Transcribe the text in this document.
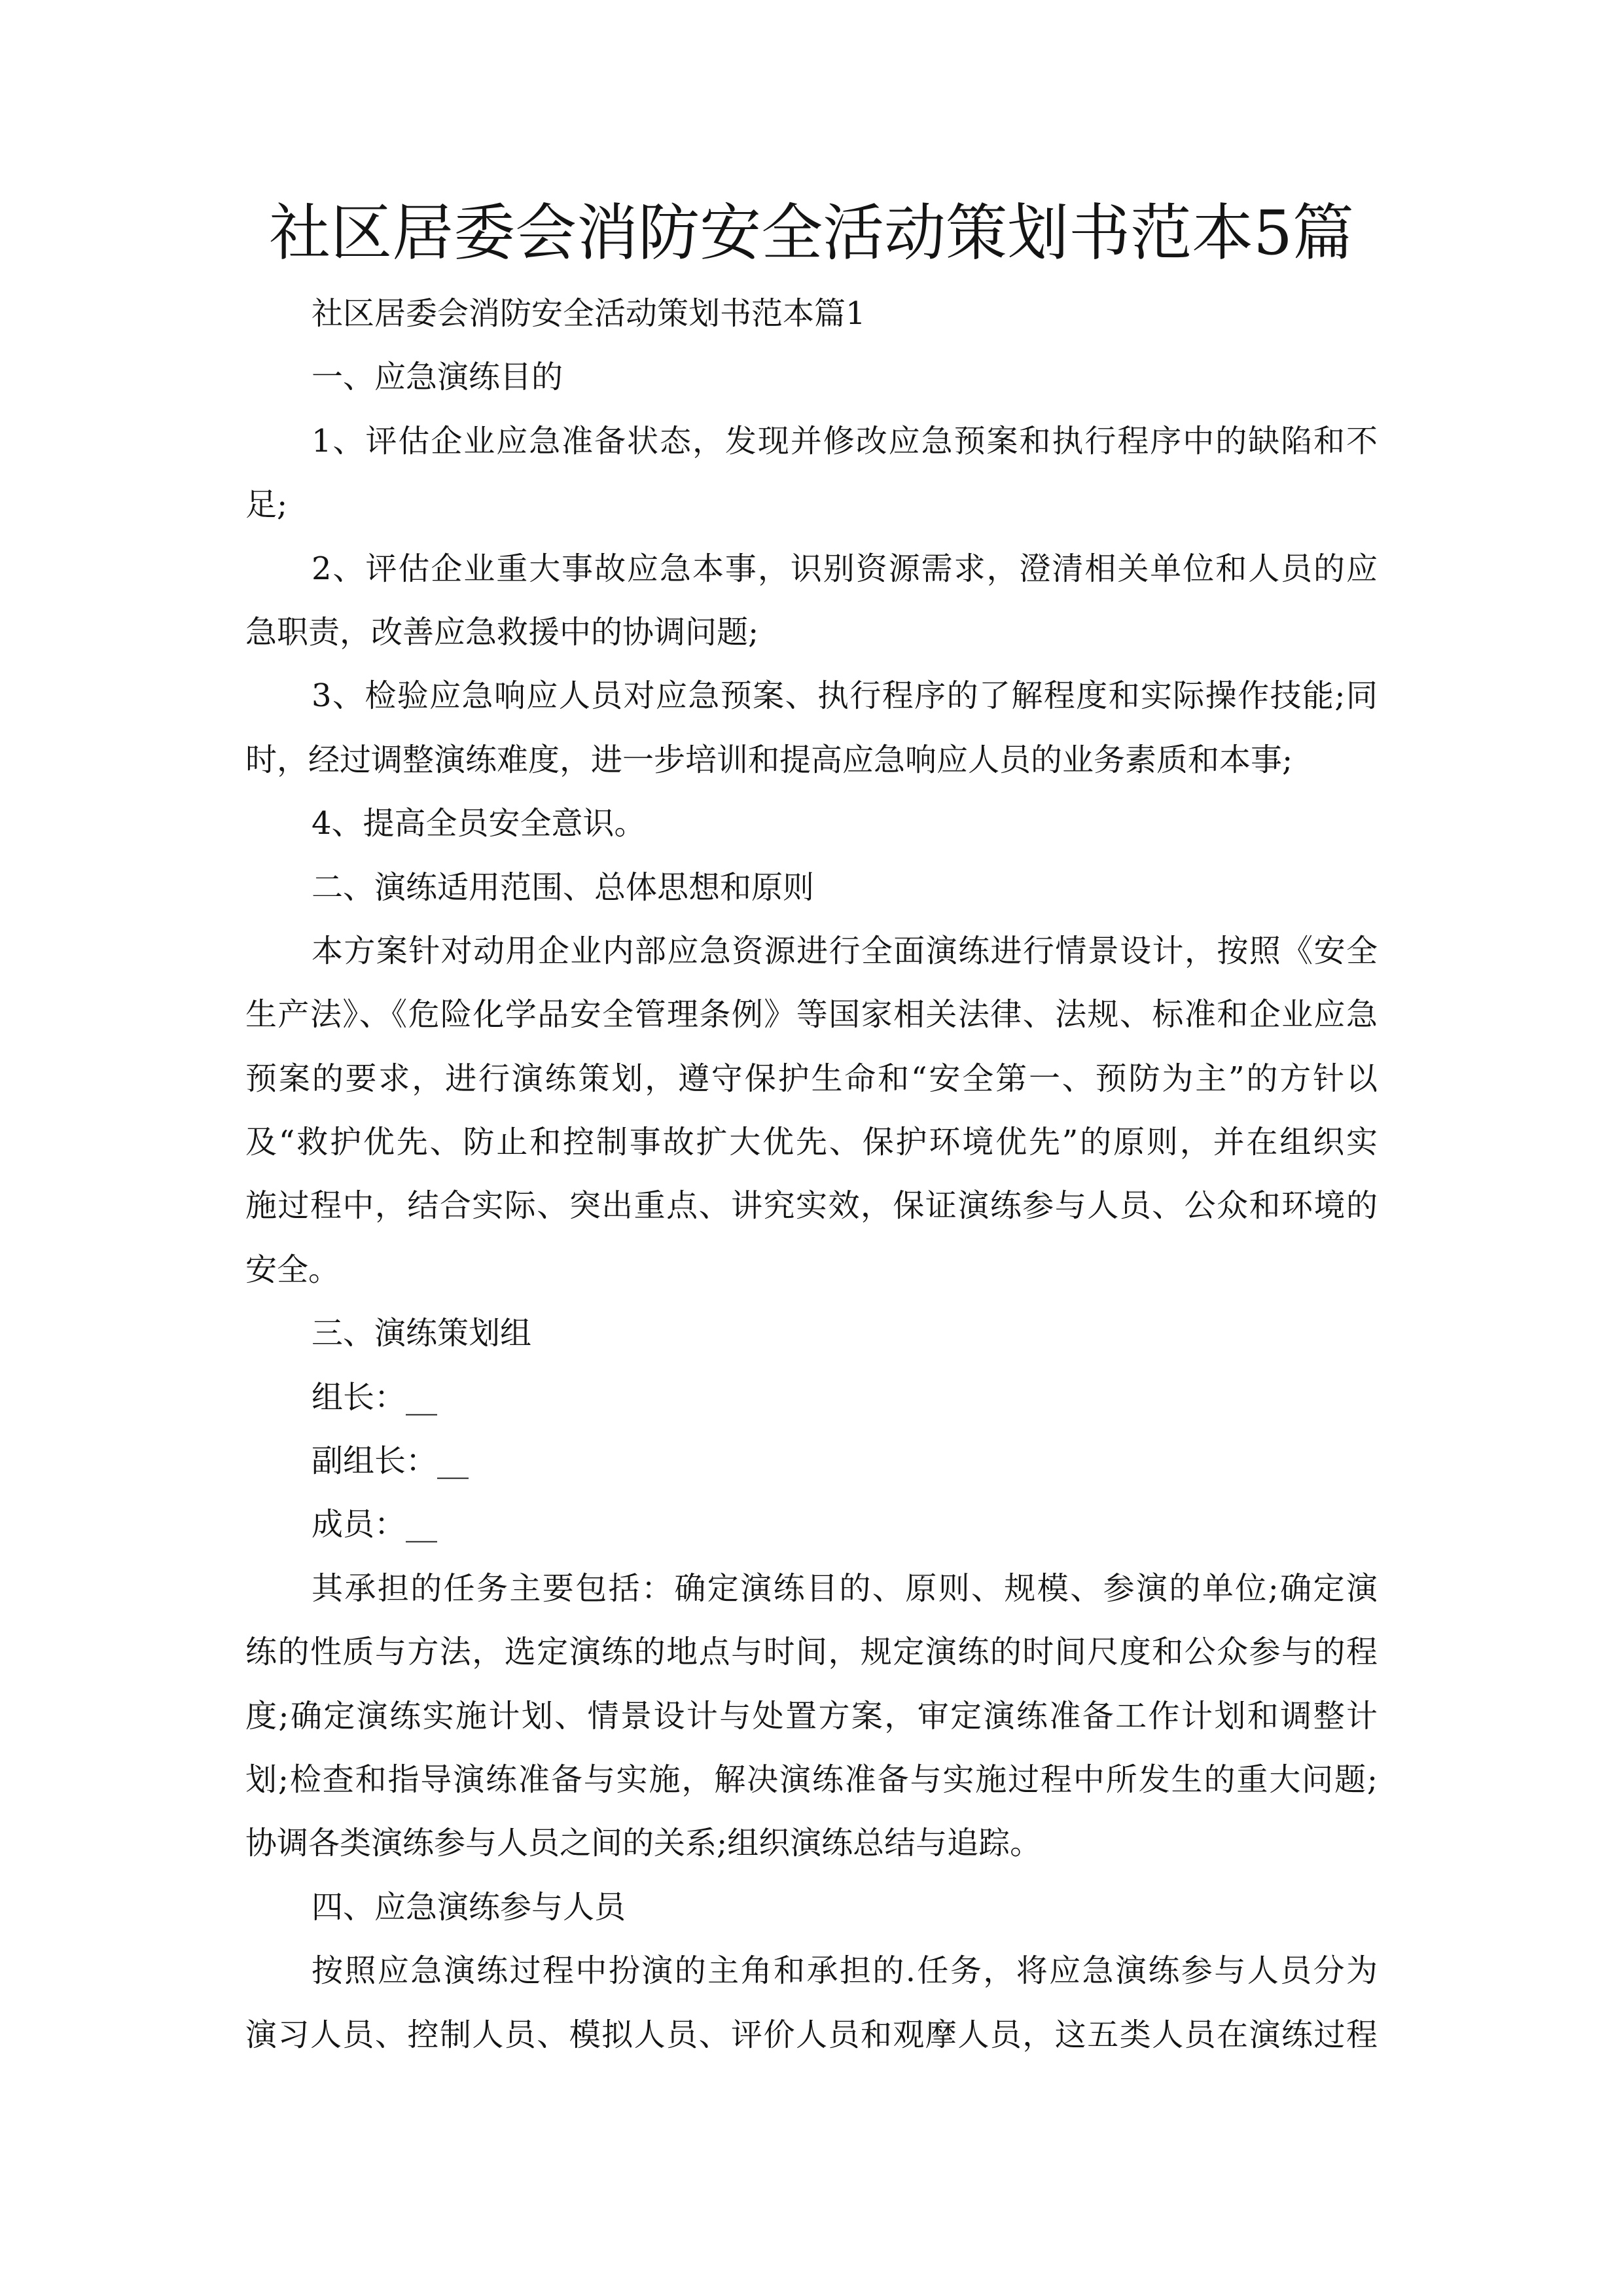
社区居委会消防安全活动策划书范本5篇
社区居委会消防安全活动策划书范本篇1
一、应急演练目的
1、评估企业应急准备状态，发现并修改应急预案和执行程序中的缺陷和不
足;
2、评估企业重大事故应急本事，识别资源需求，澄清相关单位和人员的应
急职责，改善应急救援中的协调问题;
3、检验应急响应人员对应急预案、执行程序的了解程度和实际操作技能;同
时，经过调整演练难度，进一步培训和提高应急响应人员的业务素质和本事;
4、提高全员安全意识。
二、演练适用范围、总体思想和原则
本方案针对动用企业内部应急资源进行全面演练进行情景设计，按照《安全
生产法》、《危险化学品安全管理条例》等国家相关法律、法规、标准和企业应急
预案的要求，进行演练策划，遵守保护生命和“安全第一、预防为主”的方针以
及“救护优先、防止和控制事故扩大优先、保护环境优先”的原则，并在组织实
施过程中，结合实际、突出重点、讲究实效，保证演练参与人员、公众和环境的
安全。
三、演练策划组
组长：__
副组长：__
成员：__
其承担的任务主要包括：确定演练目的、原则、规模、参演的单位;确定演
练的性质与方法，选定演练的地点与时间，规定演练的时间尺度和公众参与的程
度;确定演练实施计划、情景设计与处置方案，审定演练准备工作计划和调整计
划;检查和指导演练准备与实施，解决演练准备与实施过程中所发生的重大问题;
协调各类演练参与人员之间的关系;组织演练总结与追踪。
四、应急演练参与人员
按照应急演练过程中扮演的主角和承担的.任务，将应急演练参与人员分为
演习人员、控制人员、模拟人员、评价人员和观摩人员，这五类人员在演练过程
